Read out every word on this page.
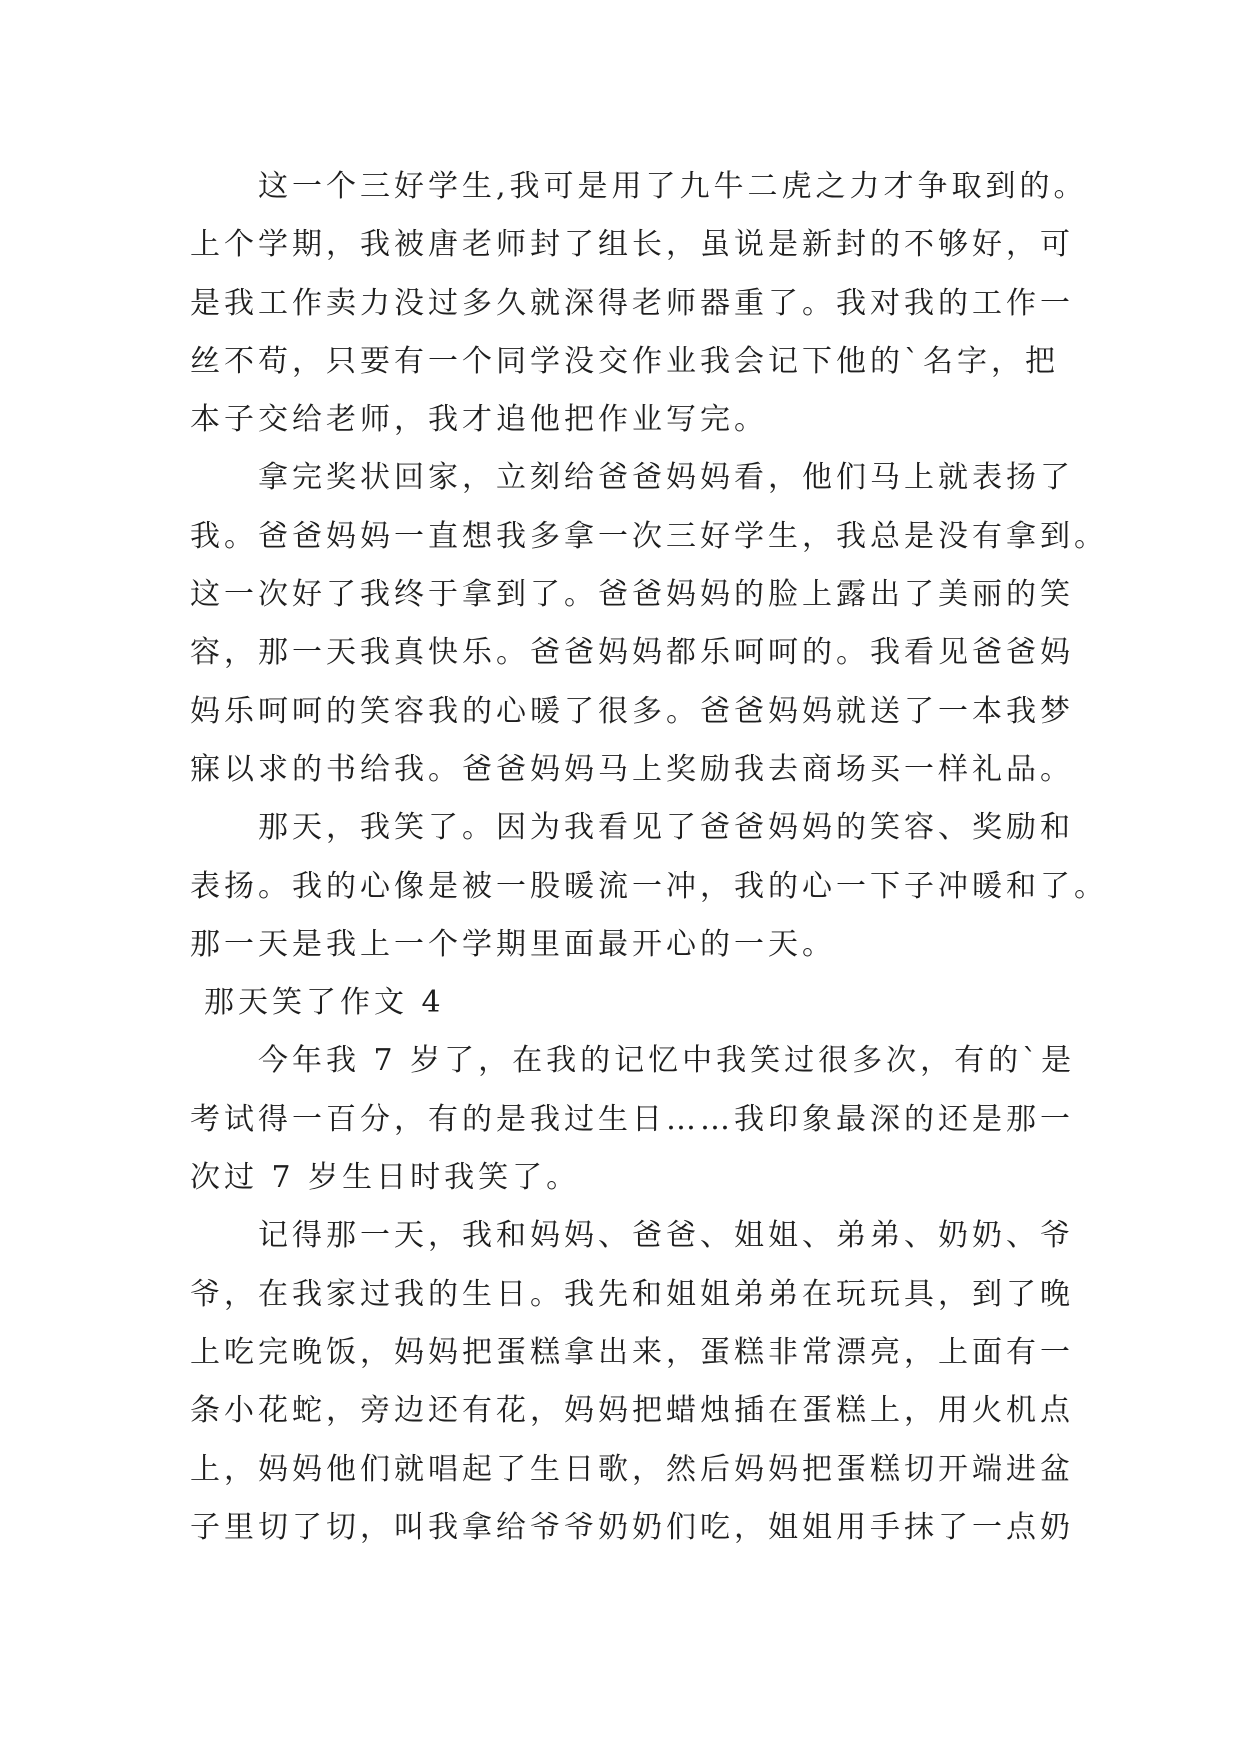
这一个三好学生,我可是用了九牛二虎之力才争取到的。
上个学期，我被唐老师封了组长，虽说是新封的不够好，可
是我工作卖力没过多久就深得老师器重了。我对我的工作一
丝不苟，只要有一个同学没交作业我会记下他的`名字，把
本子交给老师，我才追他把作业写完。
拿完奖状回家，立刻给爸爸妈妈看，他们马上就表扬了
我。爸爸妈妈一直想我多拿一次三好学生，我总是没有拿到。
这一次好了我终于拿到了。爸爸妈妈的脸上露出了美丽的笑
容，那一天我真快乐。爸爸妈妈都乐呵呵的。我看见爸爸妈
妈乐呵呵的笑容我的心暖了很多。爸爸妈妈就送了一本我梦
寐以求的书给我。爸爸妈妈马上奖励我去商场买一样礼品。
那天，我笑了。因为我看见了爸爸妈妈的笑容、奖励和
表扬。我的心像是被一股暖流一冲，我的心一下子冲暖和了。
那一天是我上一个学期里面最开心的一天。
那天笑了作文 4
今年我 7 岁了，在我的记忆中我笑过很多次，有的`是
考试得一百分，有的是我过生日……我印象最深的还是那一
次过 7 岁生日时我笑了。
记得那一天，我和妈妈、爸爸、姐姐、弟弟、奶奶、爷
爷，在我家过我的生日。我先和姐姐弟弟在玩玩具，到了晚
上吃完晚饭，妈妈把蛋糕拿出来，蛋糕非常漂亮，上面有一
条小花蛇，旁边还有花，妈妈把蜡烛插在蛋糕上，用火机点
上，妈妈他们就唱起了生日歌，然后妈妈把蛋糕切开端进盆
子里切了切，叫我拿给爷爷奶奶们吃，姐姐用手抹了一点奶
